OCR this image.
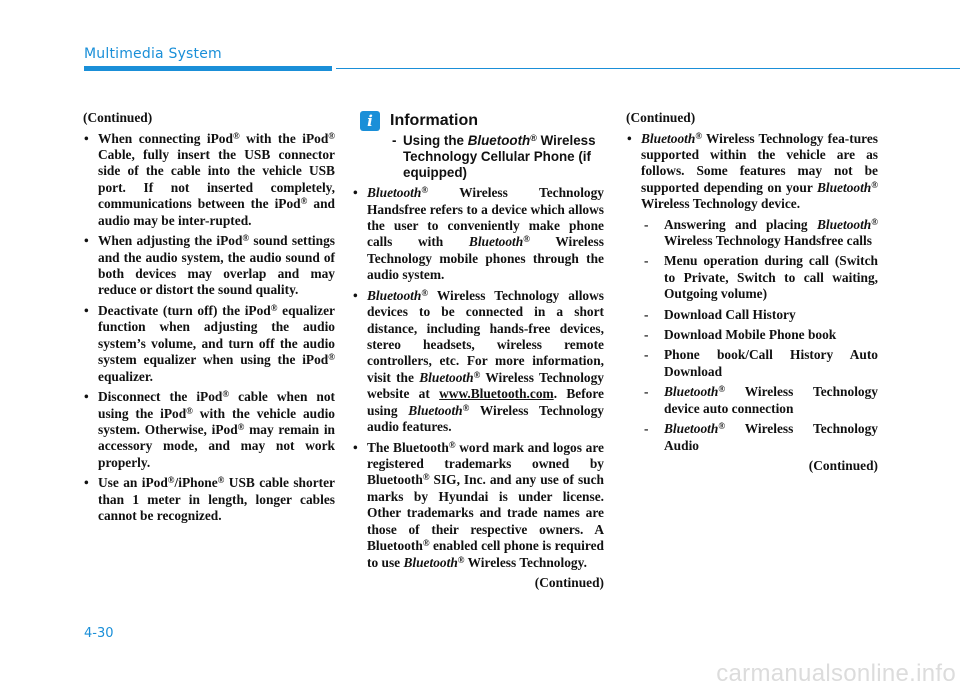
Multimedia System

(Continued)

• When connecting iPod® with the iPod® Cable, fully insert the USB connector side of the cable into the vehicle USB port. If not inserted completely, communications between the iPod® and audio may be inter-rupted.
• When adjusting the iPod® sound settings and the audio system, the audio sound of both devices may overlap and may reduce or distort the sound quality.
• Deactivate (turn off) the iPod® equalizer function when adjusting the audio system’s volume, and turn off the audio system equalizer when using the iPod® equalizer.
• Disconnect the iPod® cable when not using the iPod® with the vehicle audio system. Otherwise, iPod® may remain in accessory mode, and may not work properly.
• Use an iPod®/iPhone® USB cable shorter than 1 meter in length, longer cables cannot be recognized.
i	Information
- Using the Bluetooth® Wireless Technology Cellular Phone (if equipped)
• Bluetooth® Wireless Technology Handsfree refers to a device which allows the user to conveniently make phone calls with Bluetooth® Wireless Technology mobile phones through the audio system.
• Bluetooth® Wireless Technology allows devices to be connected in a short distance, including hands-free devices, stereo headsets, wireless remote controllers, etc. For more information, visit the Bluetooth® Wireless Technology website at www.Bluetooth.com. Before using Bluetooth® Wireless Technology audio features.
• The Bluetooth® word mark and logos are registered trademarks owned by Bluetooth® SIG, Inc. and any use of such marks by Hyundai is under license. Other trademarks and trade names are those of their respective owners. A Bluetooth® enabled cell phone is required to use Bluetooth® Wireless Technology.

(Continued)

(Continued)

• Bluetooth® Wireless Technology fea-tures supported within the vehicle are as follows. Some features may not be supported depending on your Bluetooth® Wireless Technology device.
- Answering and placing Bluetooth® Wireless Technology Handsfree calls
- Menu operation during call (Switch to Private, Switch to call waiting, Outgoing volume)
- Download Call History
- Download Mobile Phone book
- Phone book/Call History Auto Download
- Bluetooth® Wireless Technology device auto connection
- Bluetooth® Wireless Technology Audio

(Continued)

4-30
carmanualsonline.info
